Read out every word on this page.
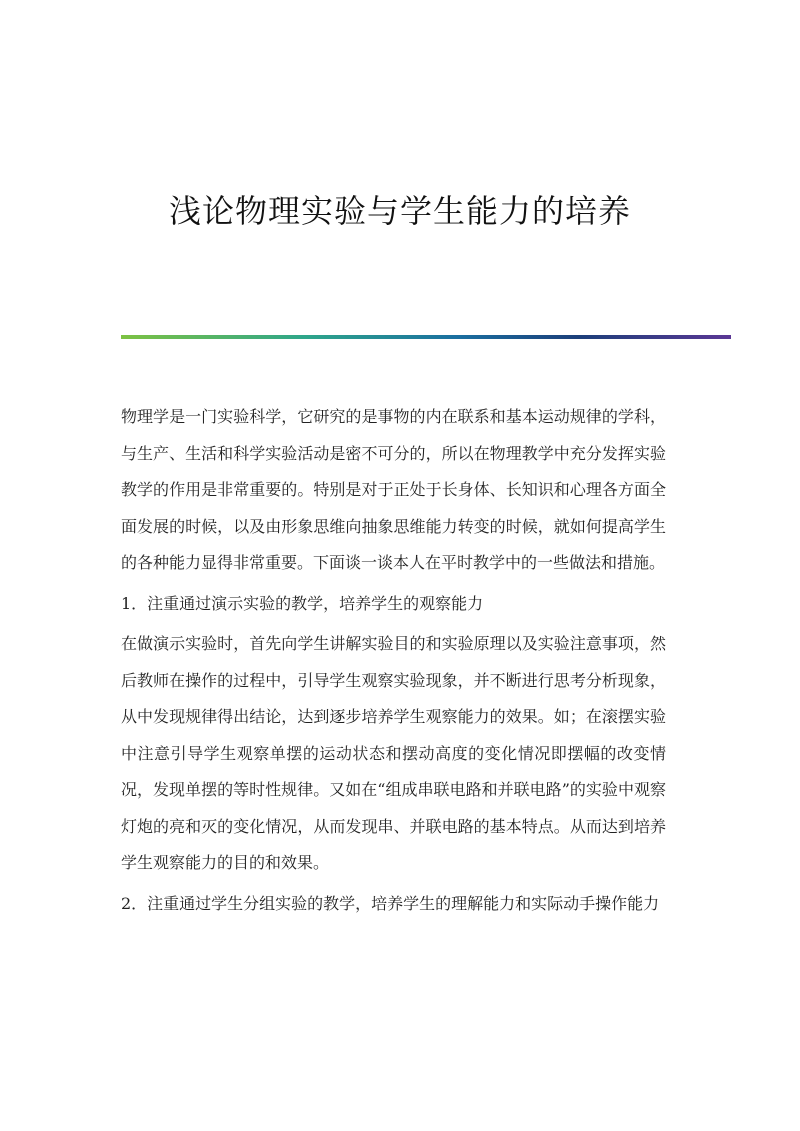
浅论物理实验与学生能力的培养

物理学是一门实验科学，它研究的是事物的内在联系和基本运动规律的学科，与生产、生活和科学实验活动是密不可分的，所以在物理教学中充分发挥实验教学的作用是非常重要的。特别是对于正处于长身体、长知识和心理各方面全面发展的时候，以及由形象思维向抽象思维能力转变的时候，就如何提高学生的各种能力显得非常重要。下面谈一谈本人在平时教学中的一些做法和措施。

1．注重通过演示实验的教学，培养学生的观察能力

在做演示实验时，首先向学生讲解实验目的和实验原理以及实验注意事项，然后教师在操作的过程中，引导学生观察实验现象，并不断进行思考分析现象，从中发现规律得出结论，达到逐步培养学生观察能力的效果。如；在滚摆实验中注意引导学生观察单摆的运动状态和摆动高度的变化情况即摆幅的改变情况，发现单摆的等时性规律。又如在“组成串联电路和并联电路”的实验中观察灯炮的亮和灭的变化情况，从而发现串、并联电路的基本特点。从而达到培养学生观察能力的目的和效果。

2．注重通过学生分组实验的教学，培养学生的理解能力和实际动手操作能力
